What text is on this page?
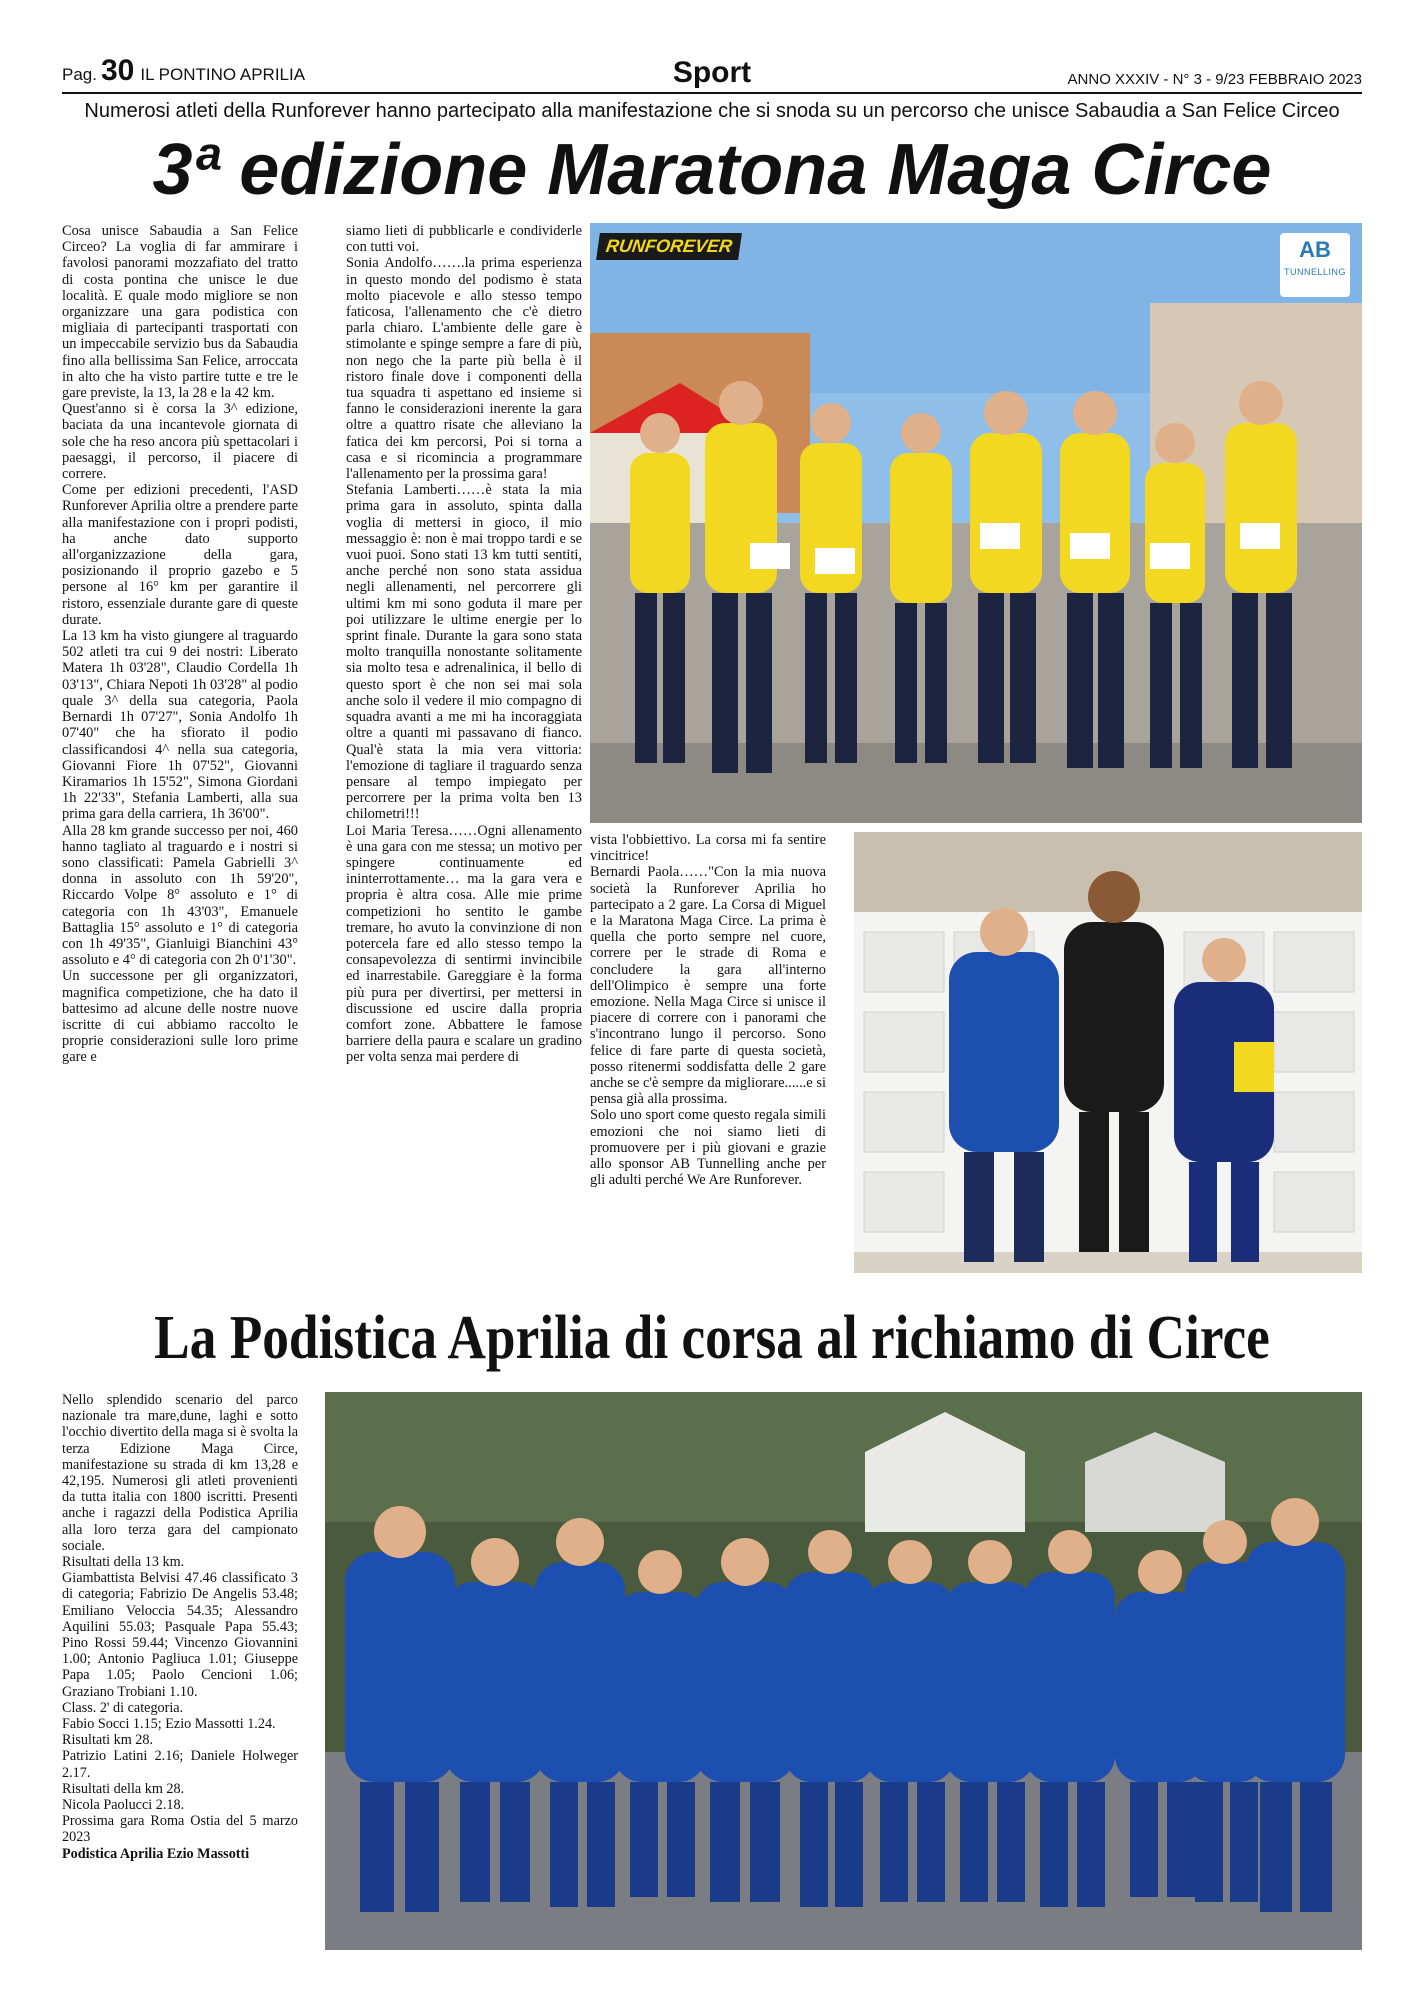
Pag. 30 IL PONTINO APRILIA	Sport	ANNO XXXIV - N° 3 - 9/23 FEBBRAIO 2023
Numerosi atleti della Runforever hanno partecipato alla manifestazione che si snoda su un percorso che unisce Sabaudia a San Felice Circeo
3ª edizione Maratona Maga Circe

Cosa unisce Sabaudia a San Felice Circeo? La voglia di far ammirare i favolosi panorami mozzafiato del tratto di costa pontina che unisce le due località. E quale modo migliore se non organizzare una gara podistica con migliaia di partecipanti trasportati con un impeccabile servizio bus da Sabaudia fino alla bellissima San Felice, arroccata in alto che ha visto partire tutte e tre le gare previste, la 13, la 28 e la 42 km.

Quest'anno si è corsa la 3^ edizione, baciata da una incantevole giornata di sole che ha reso ancora più spettacolari i paesaggi, il percorso, il piacere di correre.

Come per edizioni precedenti, l'ASD Runforever Aprilia oltre a prendere parte alla manifestazione con i propri podisti, ha anche dato supporto all'organizzazione della gara, posizionando il proprio gazebo e 5 persone al 16° km per garantire il ristoro, essenziale durante gare di queste durate.

La 13 km ha visto giungere al traguardo 502 atleti tra cui 9 dei nostri: Liberato Matera 1h 03'28", Claudio Cordella 1h 03'13", Chiara Nepoti 1h 03'28" al podio quale 3^ della sua categoria, Paola Bernardi 1h 07'27", Sonia Andolfo 1h 07'40" che ha sfiorato il podio classificandosi 4^ nella sua categoria, Giovanni Fiore 1h 07'52", Giovanni Kiramarios 1h 15'52", Simona Giordani 1h 22'33", Stefania Lamberti, alla sua prima gara della carriera, 1h 36'00".

Alla 28 km grande successo per noi, 460 hanno tagliato al traguardo e i nostri si sono classificati: Pamela Gabrielli 3^ donna in assoluto con 1h 59'20", Riccardo Volpe 8° assoluto e 1° di categoria con 1h 43'03", Emanuele Battaglia 15° assoluto e 1° di categoria con 1h 49'35", Gianluigi Bianchini 43° assoluto e 4° di categoria con 2h 0'1'30".

Un successone per gli organizzatori, magnifica competizione, che ha dato il battesimo ad alcune delle nostre nuove iscritte di cui abbiamo raccolto le proprie considerazioni sulle loro prime gare e

siamo lieti di pubblicarle e condividerle con tutti voi.

Sonia Andolfo…….la prima esperienza in questo mondo del podismo è stata molto piacevole e allo stesso tempo faticosa, l'allenamento che c'è dietro parla chiaro. L'ambiente delle gare è stimolante e spinge sempre a fare di più, non nego che la parte più bella è il ristoro finale dove i componenti della tua squadra ti aspettano ed insieme si fanno le considerazioni inerente la gara oltre a quattro risate che alleviano la fatica dei km percorsi, Poi si torna a casa e si ricomincia a programmare l'allenamento per la prossima gara!

Stefania Lamberti……è stata la mia prima gara in assoluto, spinta dalla voglia di mettersi in gioco, il mio messaggio è: non è mai troppo tardi e se vuoi puoi. Sono stati 13 km tutti sentiti, anche perché non sono stata assidua negli allenamenti, nel percorrere gli ultimi km mi sono goduta il mare per poi utilizzare le ultime energie per lo sprint finale. Durante la gara sono stata molto tranquilla nonostante solitamente sia molto tesa e adrenalinica, il bello di questo sport è che non sei mai sola anche solo il vedere il mio compagno di squadra avanti a me mi ha incoraggiata oltre a quanti mi passavano di fianco. Qual'è stata la mia vera vittoria: l'emozione di tagliare il traguardo senza pensare al tempo impiegato per percorrere per la prima volta ben 13 chilometri!!!

Loi Maria Teresa……Ogni allenamento è una gara con me stessa; un motivo per spingere continuamente ed ininterrottamente… ma la gara vera e propria è altra cosa. Alle mie prime competizioni ho sentito le gambe tremare, ho avuto la convinzione di non potercela fare ed allo stesso tempo la consapevolezza di sentirmi invincibile ed inarrestabile. Gareggiare è la forma più pura per divertirsi, per mettersi in discussione ed uscire dalla propria comfort zone. Abbattere le famose barriere della paura e scalare un gradino per volta senza mai perdere di

RUNFOREVER	AB
TUNNELLING

vista l'obbiettivo. La corsa mi fa sentire vincitrice!

Bernardi Paola……"Con la mia nuova società la Runforever Aprilia ho partecipato a 2 gare. La Corsa di Miguel e la Maratona Maga Circe. La prima è quella che porto sempre nel cuore, correre per le strade di Roma e concludere la gara all'interno dell'Olimpico è sempre una forte emozione. Nella Maga Circe si unisce il piacere di correre con i panorami che s'incontrano lungo il percorso. Sono felice di fare parte di questa società, posso ritenermi soddisfatta delle 2 gare anche se c'è sempre da migliorare......e si pensa già alla prossima.

Solo uno sport come questo regala simili emozioni che noi siamo lieti di promuovere per i più giovani e grazie allo sponsor AB Tunnelling anche per gli adulti perché We Are Runforever.

La Podistica Aprilia di corsa al richiamo di Circe

Nello splendido scenario del parco nazionale tra mare,dune, laghi e sotto l'occhio divertito della maga si è svolta la terza Edizione Maga Circe, manifestazione su strada di km 13,28 e 42,195. Numerosi gli atleti provenienti da tutta italia con 1800 iscritti. Presenti anche i ragazzi della Podistica Aprilia alla loro terza gara del campionato sociale.

Risultati della 13 km.

Giambattista Belvisi 47.46 classificato 3 di categoria; Fabrizio De Angelis 53.48; Emiliano Veloccia 54.35; Alessandro Aquilini 55.03; Pasquale Papa 55.43; Pino Rossi 59.44; Vincenzo Giovannini 1.00; Antonio Pagliuca 1.01; Giuseppe Papa 1.05; Paolo Cencioni 1.06; Graziano Trobiani 1.10.

Class. 2' di categoria.

Fabio Socci 1.15; Ezio Massotti 1.24.

Risultati km 28.

Patrizio Latini 2.16; Daniele Holweger 2.17.

Risultati della km 28.

Nicola Paolucci 2.18.

Prossima gara Roma Ostia del 5 marzo 2023

Podistica Aprilia Ezio Massotti
